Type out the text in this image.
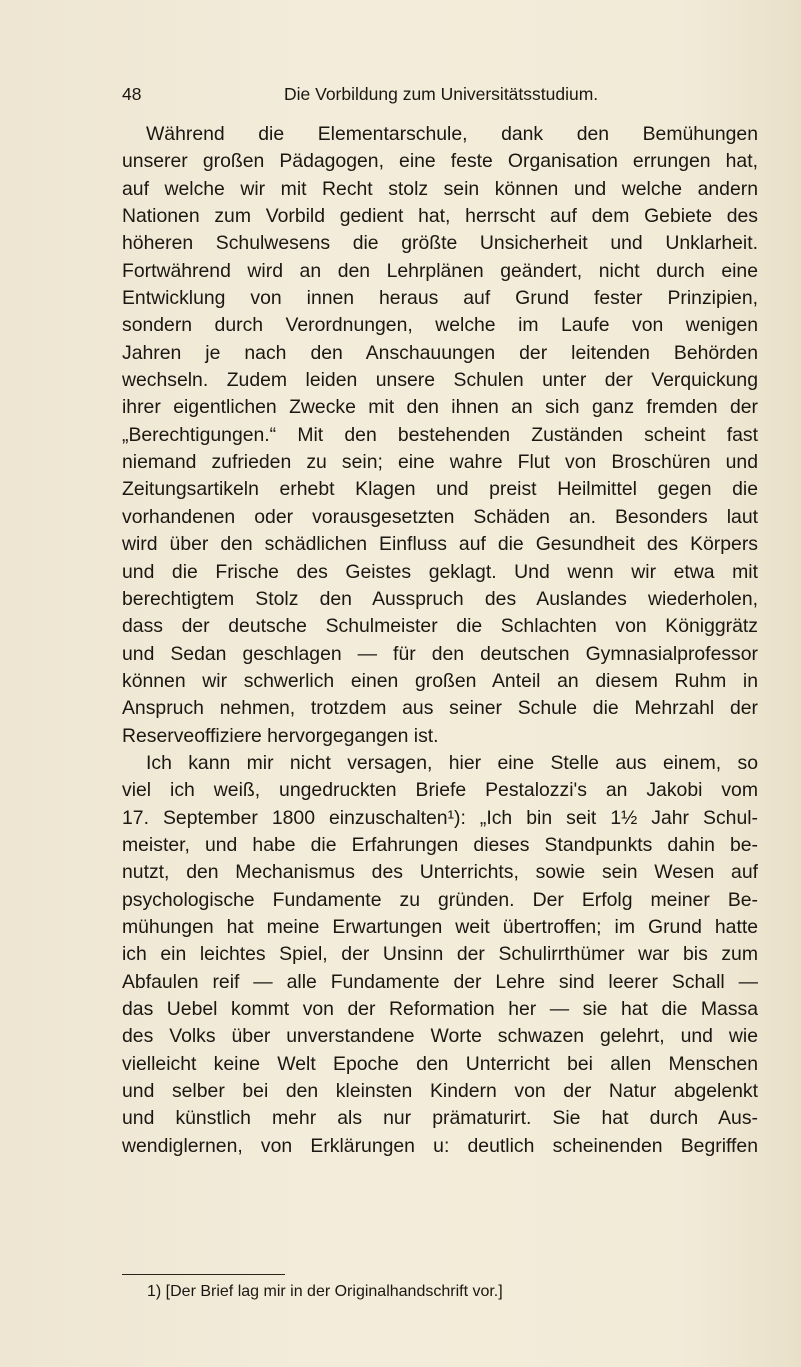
48	Die Vorbildung zum Universitätsstudium.
Während die Elementarschule, dank den Bemühungen
unserer großen Pädagogen, eine feste Organisation errungen hat,
auf welche wir mit Recht stolz sein können und welche andern
Nationen zum Vorbild gedient hat, herrscht auf dem Gebiete des
höheren Schulwesens die größte Unsicherheit und Unklarheit.
Fortwährend wird an den Lehrplänen geändert, nicht durch eine
Entwicklung von innen heraus auf Grund fester Prinzipien,
sondern durch Verordnungen, welche im Laufe von wenigen
Jahren je nach den Anschauungen der leitenden Behörden
wechseln. Zudem leiden unsere Schulen unter der Verquickung
ihrer eigentlichen Zwecke mit den ihnen an sich ganz fremden der
„Berechtigungen.“ Mit den bestehenden Zuständen scheint fast
niemand zufrieden zu sein; eine wahre Flut von Broschüren und
Zeitungsartikeln erhebt Klagen und preist Heilmittel gegen die
vorhandenen oder vorausgesetzten Schäden an. Besonders laut
wird über den schädlichen Einfluss auf die Gesundheit des Körpers
und die Frische des Geistes geklagt. Und wenn wir etwa mit
berechtigtem Stolz den Ausspruch des Auslandes wiederholen,
dass der deutsche Schulmeister die Schlachten von Königgrätz
und Sedan geschlagen — für den deutschen Gymnasialprofessor
können wir schwerlich einen großen Anteil an diesem Ruhm in
Anspruch nehmen, trotzdem aus seiner Schule die Mehrzahl der
Reserveoffiziere hervorgegangen ist.
Ich kann mir nicht versagen, hier eine Stelle aus einem, so
viel ich weiß, ungedruckten Briefe Pestalozzi's an Jakobi vom
17. September 1800 einzuschalten¹): „Ich bin seit 1½ Jahr Schul-
meister, und habe die Erfahrungen dieses Standpunkts dahin be-
nutzt, den Mechanismus des Unterrichts, sowie sein Wesen auf
psychologische Fundamente zu gründen. Der Erfolg meiner Be-
mühungen hat meine Erwartungen weit übertroffen; im Grund hatte
ich ein leichtes Spiel, der Unsinn der Schulirrthümer war bis zum
Abfaulen reif — alle Fundamente der Lehre sind leerer Schall —
das Uebel kommt von der Reformation her — sie hat die Massa
des Volks über unverstandene Worte schwazen gelehrt, und wie
vielleicht keine Welt Epoche den Unterricht bei allen Menschen
und selber bei den kleinsten Kindern von der Natur abgelenkt
und künstlich mehr als nur prämaturirt. Sie hat durch Aus-
wendiglernen, von Erklärungen u: deutlich scheinenden Begriffen
1) [Der Brief lag mir in der Originalhandschrift vor.]
